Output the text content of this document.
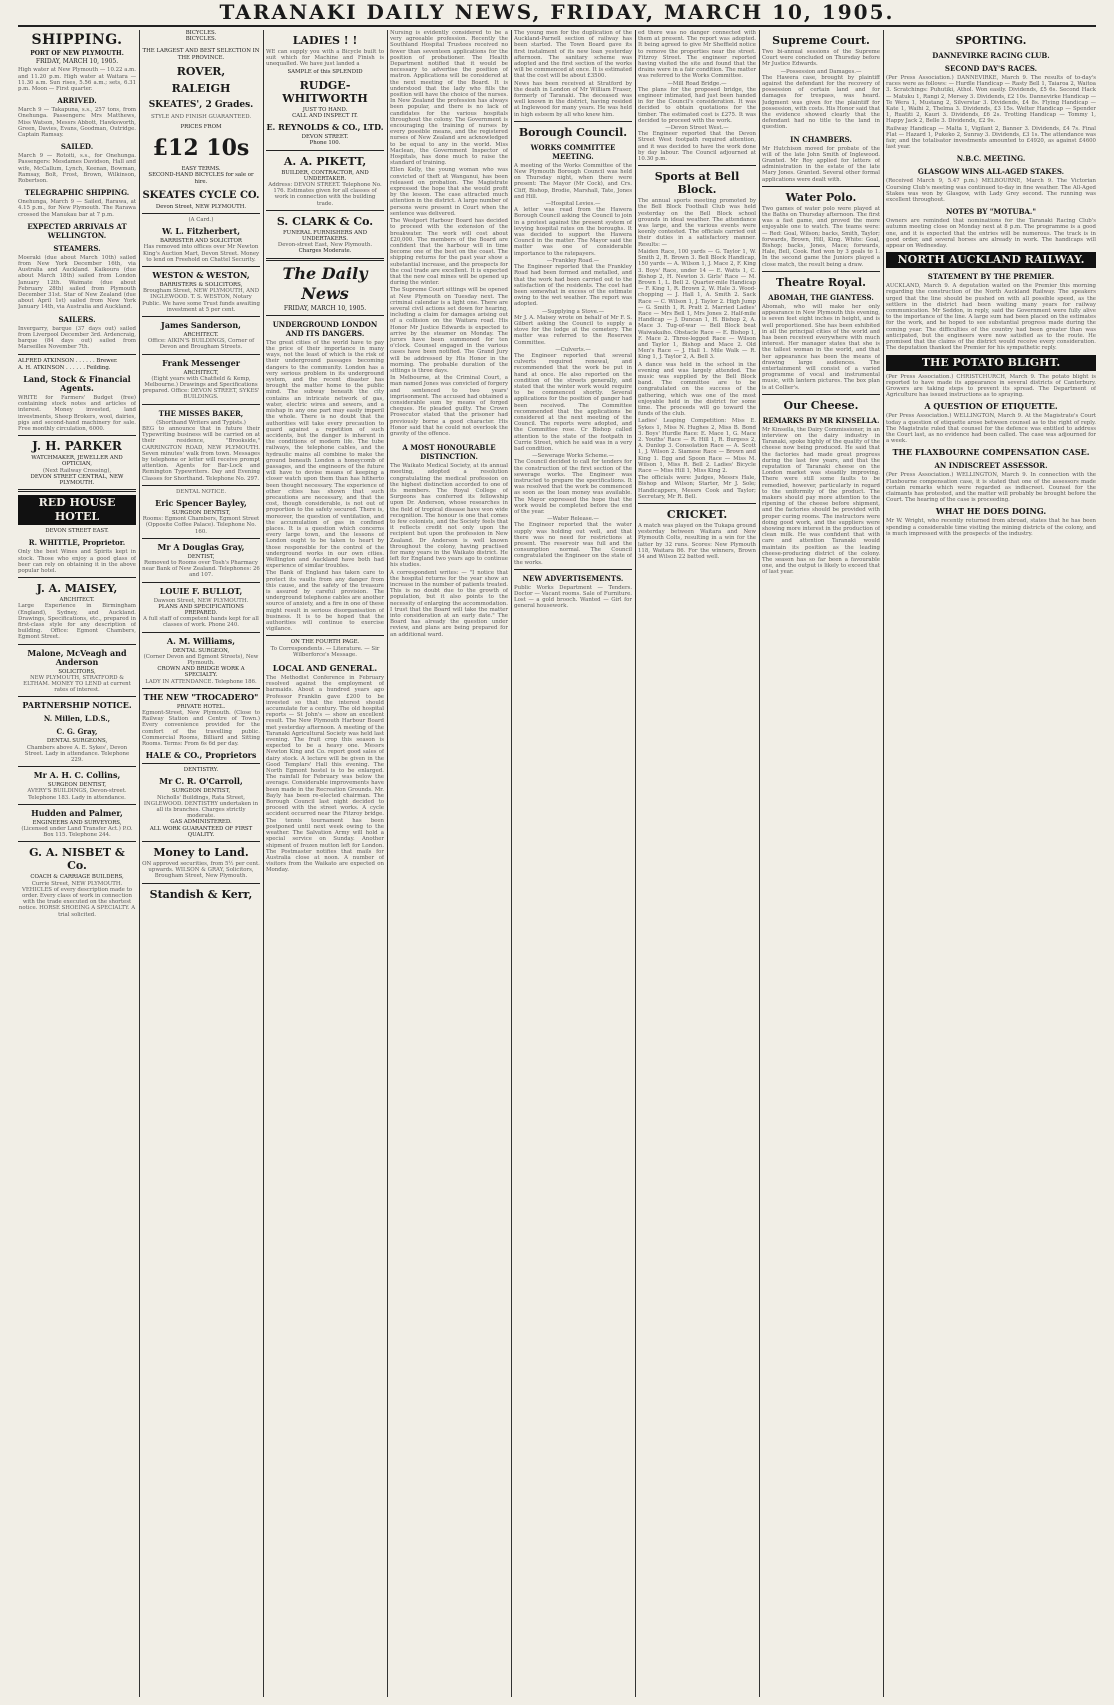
TARANAKI DAILY NEWS, FRIDAY, MARCH 10, 1905.
SHIPPING.
PORT OF NEW PLYMOUTH.
FRIDAY, MARCH 10, 1905.
High water at New Plymouth — 10.22 a.m. and 11.20 p.m. High water at Waitara — 11.30 a.m. Sun rises, 5.56 a.m.; sets, 6.31 p.m. Moon — First quarter.
ARRIVED.
March 9 — Takapuna, s.s., 257 tons, from Onehunga. Passengers: Mrs Matthews, Miss Watson, Messrs Abbott, Hawksworth, Green, Davies, Evans, Goodman, Outridge. Captain Ramsay.
SAILED.
March 9 — Rotoiti, s.s., for Onehunga. Passengers: Mesdames Davidson, Hall and wife, McCallum, Lynch, Keenan, Bowman, Ramsay, Bolt, Frost, Brown, Wilkinson, Robertson.
TELEGRAPHIC SHIPPING.
Onehunga, March 9 — Sailed, Rarawa, at 4.15 p.m., for New Plymouth. The Rarawa crossed the Manukau bar at 7 p.m.
EXPECTED ARRIVALS AT WELLINGTON.
STEAMERS.
Moeraki (due about March 10th) sailed from New York December 16th, via Australia and Auckland. Kaikoura (due about March 18th) sailed from London January 12th. Waimate (due about February 28th) sailed from Plymouth December 31st. Star of New Zealand (due about April 1st) sailed from New York January 14th, via Australia and Auckland.
SAILERS.
Invergarry, barque (37 days out) sailed from Liverpool December 3rd. Ardencraig, barque (84 days out) sailed from Marseilles November 7th.
ALFRED ATKINSON . . . . . . Brewer.
A. H. ATKINSON . . . . . . Feilding.
Land, Stock & Financial Agents.
WRITE for Farmers' Budget (free) containing stock notes and articles of interest. Money invested, land investments, Sheep Brokers, wool, dairies, pigs and second-hand machinery for sale. Free monthly circulation, 6000.
J. H. PARKER
WATCHMAKER, JEWELLER AND OPTICIAN,
(Next Railway Crossing),
DEVON STREET CENTRAL, NEW PLYMOUTH.
RED HOUSE HOTEL
DEVON STREET EAST.
R. WHITTLE, Proprietor.
Only the best Wines and Spirits kept in stock. Those who enjoy a good glass of beer can rely on obtaining it in the above popular hotel.
J. A. MAISEY,
ARCHITECT.
Large Experience in Birmingham (England), Sydney, and Auckland. Drawings, Specifications, etc., prepared in first-class style for any description of building. Office: Egmont Chambers, Egmont Street.
Malone, McVeagh and Anderson
SOLICITORS,
NEW PLYMOUTH, STRATFORD & ELTHAM. MONEY TO LEND at current rates of interest.
PARTNERSHIP NOTICE.
N. Millen, L.D.S.,
C. G. Gray,
DENTAL SURGEONS,
Chambers above A. E. Sykes', Devon Street. Lady in attendance. Telephone 229.
Mr A. H. C. Collins,
SURGEON DENTIST,
AVERY'S BUILDINGS, Devon-street. Telephone 183. Lady in attendance.
Hudden and Palmer,
ENGINEERS AND SURVEYORS,
(Licensed under Land Transfer Act.) P.O. Box 115. Telephone 244.
G. A. NISBET & Co.
COACH & CARRIAGE BUILDERS,
Currie Street, NEW PLYMOUTH. VEHICLES of every description made to order. Every class of work in connection with the trade executed on the shortest notice. HORSE SHOEING A SPECIALTY. A trial solicited.
BICYCLES.
BICYCLES.
THE LARGEST AND BEST SELECTION IN THE PROVINCE.
ROVER,
RALEIGH
SKEATES', 2 Grades.
STYLE AND FINISH GUARANTEED.
PRICES FROM
£12 10s
EASY TERMS.
SECOND-HAND BICYCLES for sale or hire.
SKEATES CYCLE CO.
Devon Street, NEW PLYMOUTH.
(A Card.)
W. L. Fitzherbert,
BARRISTER AND SOLICITOR
Has removed into offices over Mr Newton King's Auction Mart, Devon Street. Money to lend on Freehold on Chattel Security.
WESTON & WESTON,
BARRISTERS & SOLICITORS,
Brougham Street, NEW PLYMOUTH, AND INGLEWOOD. T. S. WESTON, Notary Public. We have some Trust funds awaiting investment at 5 per cent.
James Sanderson,
ARCHITECT.
Office: AIKIN'S BUILDINGS, Corner of Devon and Brougham Streets.
Frank Messenger
ARCHITECT,
(Eight years with Chatfield & Kemp, Melbourne.) Drawings and Specifications prepared. Office: DEVON STREET, SYKES' BUILDINGS.
THE MISSES BAKER,
(Shorthand Writers and Typists.)
BEG to announce that in future their Typewriting business will be carried on at their residence, "Brookside," CARRINGTON ROAD, NEW PLYMOUTH. Seven minutes' walk from town. Messages by telephone or letter will receive prompt attention. Agents for Bar-Lock and Remington Typewriters. Day and Evening Classes for Shorthand. Telephone No. 297.
DENTAL NOTICE.
Eric Spencer Bayley,
SURGEON DENTIST,
Rooms: Egmont Chambers, Egmont Street (Opposite Coffee Palace). Telephone No. 160.
Mr A Douglas Gray,
DENTIST,
Removed to Rooms over Tosh's Pharmacy near Bank of New Zealand. Telephones: 26 and 107.
LOUIE F. BULLOT,
Dawson Street, NEW PLYMOUTH.
PLANS AND SPECIFICATIONS PREPARED.
A full staff of competent hands kept for all classes of work. Phone 240.
A. M. Williams,
DENTAL SURGEON,
(Corner Devon and Egmont Streets), New Plymouth.
CROWN AND BRIDGE WORK A SPECIALTY.
LADY IN ATTENDANCE. Telephone 186.
THE NEW "TROCADERO"
PRIVATE HOTEL.
Egmont-Street, New Plymouth. (Close to Railway Station and Centre of Town.) Every convenience provided for the comfort of the travelling public. Commercial Rooms, Billiard and Sitting Rooms. Terms: From 6s 6d per day.
HALE & CO., Proprietors
DENTISTRY.
Mr C. R. O'Carroll,
SURGEON DENTIST,
Nicholls' Buildings, Rata Street, INGLEWOOD. DENTISTRY undertaken in all its branches. Charges strictly moderate.
GAS ADMINISTERED.
ALL WORK GUARANTEED OF FIRST QUALITY.
Money to Land.
ON approved securities, from 5½ per cent. upwards. WILSON & GRAY, Solicitors, Brougham Street, New Plymouth.
Standish & Kerr,
LADIES ! !
WE can supply you with a Bicycle built to suit which for Machine and Finish is unequalled. We have just landed a
SAMPLE of this SPLENDID
RUDGE-WHITWORTH
JUST TO HAND.
CALL AND INSPECT IT.
E. REYNOLDS & CO., LTD.
DEVON STREET.
Phone 100.
A. A. PIKETT,
BUILDER, CONTRACTOR, AND UNDERTAKER.
Address: DEVON STREET. Telephone No. 176. Estimates given for all classes of work in connection with the building trade.
S. CLARK & Co.
FUNERAL FURNISHERS AND UNDERTAKERS.
Devon-street East, New Plymouth.
Charges Moderate.
The Daily News
FRIDAY, MARCH 10, 1905.
UNDERGROUND LONDON AND ITS DANGERS.
The great cities of the world have to pay the price of their importance in many ways, not the least of which is the risk of their underground passages becoming dangers to the community. London has a very serious problem in its underground system, and the recent disaster has brought the matter home to the public mind. The subway beneath the city contains an intricate network of gas, water, electric wires and sewers, and a mishap in any one part may easily imperil the whole. There is no doubt that the authorities will take every precaution to guard against a repetition of such accidents, but the danger is inherent in the conditions of modern life. The tube railways, the telephone cables, and the hydraulic mains all combine to make the ground beneath London a honeycomb of passages, and the engineers of the future will have to devise means of keeping a closer watch upon them than has hitherto been thought necessary. The experience of other cities has shown that such precautions are necessary, and that the cost, though considerable, is not out of proportion to the safety secured. There is, moreover, the question of ventilation, and the accumulation of gas in confined places. It is a question which concerns every large town, and the lessons of London ought to be taken to heart by those responsible for the control of the underground works in our own cities. Wellington and Auckland have both had experience of similar troubles.
The Bank of England has taken care to protect its vaults from any danger from this cause, and the safety of the treasure is assured by careful provision. The underground telephone cables are another source of anxiety, and a fire in one of these might result in serious disorganisation of business. It is to be hoped that the authorities will continue to exercise vigilance.
ON THE FOURTH PAGE.
To Correspondents. — Literature. — Sir Wilberforce's Message.
LOCAL AND GENERAL.
The Methodist Conference in February resolved against the employment of barmaids. About a hundred years ago Professor Franklin gave £200 to be invested so that the interest should accumulate for a century. The old hospital reports — St John's — show an excellent result. The New Plymouth Harbour Board met yesterday afternoon. A meeting of the Taranaki Agricultural Society was held last evening. The fruit crop this season is expected to be a heavy one. Messrs Newton King and Co. report good sales of dairy stock. A lecture will be given in the Good Templars' Hall this evening. The North Egmont hostel is to be enlarged. The rainfall for February was below the average. Considerable improvements have been made in the Recreation Grounds. Mr. Bayly has been re-elected chairman. The Borough Council last night decided to proceed with the street works. A cycle accident occurred near the Fitzroy bridge. The tennis tournament has been postponed until next week owing to the weather. The Salvation Army will hold a special service on Sunday. Another shipment of frozen mutton left for London. The Postmaster notifies that mails for Australia close at noon. A number of visitors from the Waikato are expected on Monday.
Nursing is evidently considered to be a very agreeable profession. Recently the Southland Hospital Trustees received no fewer than seventeen applications for the position of probationer. The Health Department notified that it would be necessary to advertise the position of matron. Applications will be considered at the next meeting of the Board. It is understood that the lady who fills the position will have the choice of the nurses. In New Zealand the profession has always been popular, and there is no lack of candidates for the various hospitals throughout the colony. The Government is encouraging the training of nurses by every possible means, and the registered nurses of New Zealand are acknowledged to be equal to any in the world. Miss Maclean, the Government Inspector of Hospitals, has done much to raise the standard of training.
Ellen Kelly, the young woman who was convicted of theft at Wanganui, has been released on probation. The Magistrate expressed the hope that she would profit by the lesson. The case attracted much attention in the district. A large number of persons were present in Court when the sentence was delivered.
The Westport Harbour Board has decided to proceed with the extension of the breakwater. The work will cost about £20,000. The members of the Board are confident that the harbour will in time become one of the best on the coast. The shipping returns for the past year show a substantial increase, and the prospects for the coal trade are excellent. It is expected that the new coal mines will be opened up during the winter.
The Supreme Court sittings will be opened at New Plymouth on Tuesday next. The criminal calendar is a light one. There are several civil actions set down for hearing, including a claim for damages arising out of a collision on the Waitara road. His Honor Mr Justice Edwards is expected to arrive by the steamer on Monday. The jurors have been summoned for ten o'clock. Counsel engaged in the various cases have been notified. The Grand Jury will be addressed by His Honor in the morning. The probable duration of the sittings is three days.
In Melbourne, at the Criminal Court, a man named Jones was convicted of forgery and sentenced to two years' imprisonment. The accused had obtained a considerable sum by means of forged cheques. He pleaded guilty. The Crown Prosecutor stated that the prisoner had previously borne a good character. His Honor said that he could not overlook the gravity of the offence.
A MOST HONOURABLE DISTINCTION.
The Waikato Medical Society, at its annual meeting, adopted a resolution congratulating the medical profession on the highest distinction accorded to one of its members. The Royal College of Surgeons has conferred its fellowship upon Dr. Anderson, whose researches in the field of tropical disease have won wide recognition. The honour is one that comes to few colonists, and the Society feels that it reflects credit not only upon the recipient but upon the profession in New Zealand. Dr Anderson is well known throughout the colony, having practised for many years in the Waikato district. He left for England two years ago to continue his studies.
A correspondent writes: — "I notice that the hospital returns for the year show an increase in the number of patients treated. This is no doubt due to the growth of population, but it also points to the necessity of enlarging the accommodation. I trust that the Board will take the matter into consideration at an early date." The Board has already the question under review, and plans are being prepared for an additional ward.
The young men for the duplication of the Auckland-Parnell section of railway has been started. The Town Board gave its first instalment of its new loan yesterday afternoon. The sanitary scheme was adopted and the first section of the works will be commenced at once. It is estimated that the cost will be about £3500.
News has been received at Stratford by the death in London of Mr William Fraser, formerly of Taranaki. The deceased was well known in the district, having resided at Inglewood for many years. He was held in high esteem by all who knew him.
Borough Council.
WORKS COMMITTEE MEETING.
A meeting of the Works Committee of the New Plymouth Borough Council was held on Thursday night, when there were present: The Mayor (Mr Cock), and Crs. Cliff, Bishop, Brodie, Marshall, Tate, Jones and Hill.
—Hospital Levies.—
A letter was read from the Hawera Borough Council asking the Council to join in a protest against the present system of levying hospital rates on the boroughs. It was decided to support the Hawera Council in the matter. The Mayor said the matter was one of considerable importance to the ratepayers.
—Frankley Road.—
The Engineer reported that the Frankley Road had been formed and metalled, and that the work had been carried out to the satisfaction of the residents. The cost had been somewhat in excess of the estimate owing to the wet weather. The report was adopted.
—Supplying a Stove.—
Mr J. A. Maisey wrote on behalf of Mr F. S. Gilbert asking the Council to supply a stove for the lodge at the cemetery. The matter was referred to the Reserves Committee.
—Culverts.—
The Engineer reported that several culverts required renewal, and recommended that the work be put in hand at once. He also reported on the condition of the streets generally, and stated that the winter work would require to be commenced shortly. Several applications for the position of ganger had been received. The Committee recommended that the applications be considered at the next meeting of the Council. The reports were adopted, and the Committee rose. Cr Bishop called attention to the state of the footpath in Currie Street, which he said was in a very bad condition.
—Sewerage Works Scheme.—
The Council decided to call for tenders for the construction of the first section of the sewerage works. The Engineer was instructed to prepare the specifications. It was resolved that the work be commenced as soon as the loan money was available. The Mayor expressed the hope that the work would be completed before the end of the year.
—Water Release.—
The Engineer reported that the water supply was holding out well, and that there was no need for restrictions at present. The reservoir was full and the consumption normal. The Council congratulated the Engineer on the state of the works.
NEW ADVERTISEMENTS.
Public Works Department — Tenders. Doctor — Vacant rooms. Sale of Furniture. Lost — a gold brooch. Wanted — Girl for general housework.
ed there was no danger connected with them at present. The report was adopted. It being agreed to give Mr Sheffield notice to remove the properties near the street. Fitzroy Street. The engineer reported having visited the site and found that the drains were in a fair condition. The matter was referred to the Works Committee.
—Mill Road Bridge.—
The plans for the proposed bridge, the engineer intimated, had just been handed in for the Council's consideration. It was decided to obtain quotations for the timber. The estimated cost is £275. It was decided to proceed with the work.
—Devon Street West.—
The Engineer reported that the Devon Street West footpath required attention, and it was decided to have the work done by day labour. The Council adjourned at 10.30 p.m.
Sports at Bell Block.
The annual sports meeting promoted by the Bell Block Football Club was held yesterday on the Bell Block school grounds in ideal weather. The attendance was large, and the various events were keenly contested. The officials carried out their duties in a satisfactory manner. Results: —
Maiden Race, 100 yards — G. Taylor 1, W. Smith 2, R. Brown 3. Bell Block Handicap, 150 yards — A. Wilson 1, J. Mace 2, F. King 3. Boys' Race, under 14 — E. Watts 1, C. Bishop 2, H. Newton 3. Girls' Race — M. Brown 1, L. Bell 2. Quarter-mile Handicap — F. King 1, R. Brown 2, W. Hale 3. Wood-chopping — J. Hall 1, A. Smith 2. Sack Race — C. Wilson 1, J. Taylor 2. High Jump — G. Smith 1, R. Pratt 2. Married Ladies' Race — Mrs Bell 1, Mrs Jones 2. Half-mile Handicap — J. Duncan 1, H. Bishop 2, A. Mace 3. Tug-of-war — Bell Block beat Waiwakaiho. Obstacle Race — E. Bishop 1, F. Mace 2. Three-legged Race — Wilson and Taylor 1, Bishop and Mace 2. Old Men's Race — J. Hall 1. Mile Walk — R. King 1, J. Taylor 2, A. Bell 3.
A dance was held in the school in the evening and was largely attended. The music was supplied by the Bell Block band. The committee are to be congratulated on the success of the gathering, which was one of the most enjoyable held in the district for some time. The proceeds will go toward the funds of the club.
Ladies' Leaping Competition: Miss E. Sykes 1, Miss N. Hughes 2, Miss B. Bond 3. Boys' Hurdle Race: E. Mace 1, G. Mace 2. Youths' Race — R. Hill 1, R. Burgess 2, A. Dunlop 3. Consolation Race — A. Scott 1, J. Wilson 2. Siamese Race — Brown and King 1. Egg and Spoon Race — Miss M. Wilson 1, Miss R. Bell 2. Ladies' Bicycle Race — Miss Hill 1, Miss King 2.
The officials were: Judges, Messrs Hale, Bishop and Wilson; Starter, Mr J. Sole; Handicappers, Messrs Cook and Taylor; Secretary, Mr R. Bell.
CRICKET.
A match was played on the Tukapa ground yesterday between Waitara and New Plymouth Colts, resulting in a win for the latter by 32 runs. Scores: New Plymouth 118, Waitara 86. For the winners, Brown 34 and Wilson 22 batted well.
Supreme Court.
Two bi-annual sessions of the Supreme Court were concluded on Thursday before Mr Justice Edwards.
—Possession and Damages.—
The Hawera case, brought by plaintiff against the defendant for the recovery of possession of certain land and for damages for trespass, was heard. Judgment was given for the plaintiff for possession, with costs. His Honor said that the evidence showed clearly that the defendant had no title to the land in question.
IN CHAMBERS.
Mr Hutchison moved for probate of the will of the late John Smith of Inglewood. Granted. Mr Roy applied for letters of administration in the estate of the late Mary Jones. Granted. Several other formal applications were dealt with.
Water Polo.
Two games of water polo were played at the Baths on Thursday afternoon. The first was a fast game, and proved the more enjoyable one to watch. The teams were: — Red: Goal, Wilson; backs, Smith, Taylor; forwards, Brown, Hill, King. White: Goal, Bishop; backs, Jones, Mace; forwards, Hale, Bell, Cook. Red won by 3 goals to 1. In the second game the Juniors played a close match, the result being a draw.
Theatre Royal.
ABOMAH, THE GIANTESS.
Abomah, who will make her only appearance in New Plymouth this evening, is seven feet eight inches in height, and is well proportioned. She has been exhibited in all the principal cities of the world and has been received everywhere with much interest. Her manager states that she is the tallest woman in the world, and that her appearance has been the means of drawing large audiences. The entertainment will consist of a varied programme of vocal and instrumental music, with lantern pictures. The box plan is at Collier's.
Our Cheese.
REMARKS BY MR KINSELLA.
Mr Kinsella, the Dairy Commissioner, in an interview on the dairy industry in Taranaki, spoke highly of the quality of the cheese now being produced. He said that the factories had made great progress during the last few years, and that the reputation of Taranaki cheese on the London market was steadily improving. There were still some faults to be remedied, however, particularly in regard to the uniformity of the product. The makers should pay more attention to the ripening of the cheese before shipment, and the factories should be provided with proper curing rooms. The instructors were doing good work, and the suppliers were showing more interest in the production of clean milk. He was confident that with care and attention Taranaki would maintain its position as the leading cheese-producing district of the colony. The season has so far been a favourable one, and the output is likely to exceed that of last year.
SPORTING.
DANNEVIRKE RACING CLUB.
SECOND DAY'S RACES.
(Per Press Association.) DANNEVIRKE, March 9. The results of to-day's races were as follows: — Hurdle Handicap — Rasty Bell 1, Taiaroa 2, Waitoa 3. Scratchings: Puhutiki, Athol. Won easily. Dividends, £5 6s. Second Hack — Matuku 1, Rangi 2, Mersey 3. Dividends, £2 10s. Dannevirke Handicap — Te Wera 1, Mustang 2, Silverstar 3. Dividends, £4 8s. Flying Handicap — Kate 1, Waihi 2, Thelma 3. Dividends, £3 15s. Welter Handicap — Spender 1, Ruatiti 2, Kauri 3. Dividends, £6 2s. Trotting Handicap — Tommy 1, Happy Jack 2, Belle 3. Dividends, £2 9s.
Railway Handicap — Malta 1, Vigilant 2, Banner 3. Dividends, £4 7s. Final Flat — Hazard 1, Pukeko 2, Sunray 3. Dividends, £3 1s. The attendance was fair, and the totalisator investments amounted to £4920, as against £4600 last year.
N.B.C. MEETING.
GLASGOW WINS ALL-AGED STAKES.
(Received March 9, 5.47 p.m.) MELBOURNE, March 9. The Victorian Coursing Club's meeting was continued to-day in fine weather. The All-Aged Stakes was won by Glasgow, with Lady Grey second. The running was excellent throughout.
NOTES BY "MOTUBA."
Owners are reminded that nominations for the Taranaki Racing Club's autumn meeting close on Monday next at 8 p.m. The programme is a good one, and it is expected that the entries will be numerous. The track is in good order, and several horses are already in work. The handicaps will appear on Wednesday.
NORTH AUCKLAND RAILWAY.
STATEMENT BY THE PREMIER.
AUCKLAND, March 9. A deputation waited on the Premier this morning regarding the construction of the North Auckland Railway. The speakers urged that the line should be pushed on with all possible speed, as the settlers in the district had been waiting many years for railway communication. Mr Seddon, in reply, said the Government were fully alive to the importance of the line. A large sum had been placed on the estimates for the work, and he hoped to see substantial progress made during the coming year. The difficulties of the country had been greater than was anticipated, but the engineers were now satisfied as to the route. He promised that the claims of the district would receive every consideration. The deputation thanked the Premier for his sympathetic reply.
THE POTATO BLIGHT.
(Per Press Association.) CHRISTCHURCH, March 9. The potato blight is reported to have made its appearance in several districts of Canterbury. Growers are taking steps to prevent its spread. The Department of Agriculture has issued instructions as to spraying.
A QUESTION OF ETIQUETTE.
(Per Press Association.) WELLINGTON, March 9. At the Magistrate's Court today a question of etiquette arose between counsel as to the right of reply. The Magistrate ruled that counsel for the defence was entitled to address the Court last, as no evidence had been called. The case was adjourned for a week.
THE FLAXBOURNE COMPENSATION CASE.
AN INDISCREET ASSESSOR.
(Per Press Association.) WELLINGTON, March 9. In connection with the Flaxbourne compensation case, it is stated that one of the assessors made certain remarks which were regarded as indiscreet. Counsel for the claimants has protested, and the matter will probably be brought before the Court. The hearing of the case is proceeding.
WHAT HE DOES DOING.
Mr W. Wright, who recently returned from abroad, states that he has been spending a considerable time visiting the mining districts of the colony, and is much impressed with the prospects of the industry.
